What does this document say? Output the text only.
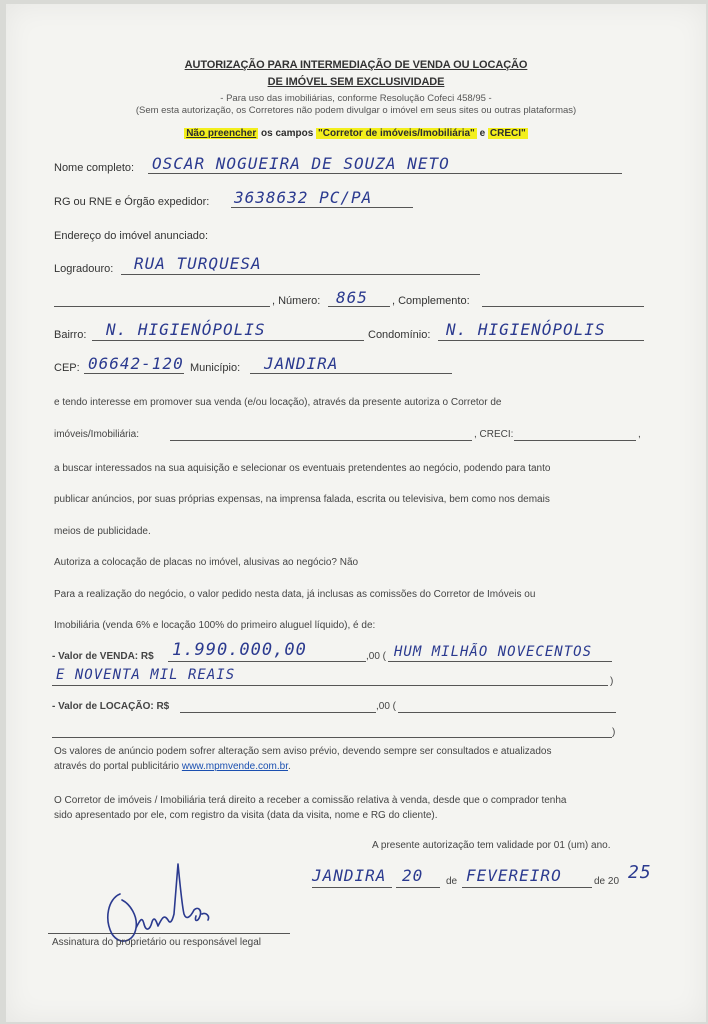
AUTORIZAÇÃO PARA INTERMEDIAÇÃO DE VENDA OU LOCAÇÃO
DE IMÓVEL SEM EXCLUSIVIDADE
- Para uso das imobiliárias, conforme Resolução Cofeci 458/95 -
(Sem esta autorização, os Corretores não podem divulgar o imóvel em seus sites ou outras plataformas)
Não preencher os campos "Corretor de imóveis/Imobiliária" e CRECI"
Nome completo: OSCAR NOGUEIRA DE SOUZA NETO
RG ou RNE e Órgão expedidor: 3638632 PC/PA
Endereço do imóvel anunciado:
Logradouro: RUA TURQUESA
, Número: 865 , Complemento:
Bairro: N. HIGIENÓPOLIS	Condomínio: N. HIGIENÓPOLIS
CEP: 06642-120 Município: JANDIRA
e tendo interesse em promover sua venda (e/ou locação), através da presente autoriza o Corretor de
imóveis/Imobiliária:	, CRECI:	,
a buscar interessados na sua aquisição e selecionar os eventuais pretendentes ao negócio, podendo para tanto
publicar anúncios, por suas próprias expensas, na imprensa falada, escrita ou televisiva, bem como nos demais
meios de publicidade.
Autoriza a colocação de placas no imóvel, alusivas ao negócio? Não
Para a realização do negócio, o valor pedido nesta data, já inclusas as comissões do Corretor de Imóveis ou
Imobiliária (venda 6% e locação 100% do primeiro aluguel líquido), é de:
- Valor de VENDA: R$ 1.990.000,00	,00 ( HUM MILHÃO NOVECENTOS
E NOVENTA MIL REAIS	)
- Valor de LOCAÇÃO: R$	,00 (
)
Os valores de anúncio podem sofrer alteração sem aviso prévio, devendo sempre ser consultados e atualizados
através do portal publicitário www.mpmvende.com.br.
O Corretor de imóveis / Imobiliária terá direito a receber a comissão relativa à venda, desde que o comprador tenha
sido apresentado por ele, com registro da visita (data da visita, nome e RG do cliente).
A presente autorização tem validade por 01 (um) ano.
JANDIRA 20 de FEVEREIRO	de 20 25
Assinatura do proprietário ou responsável legal
